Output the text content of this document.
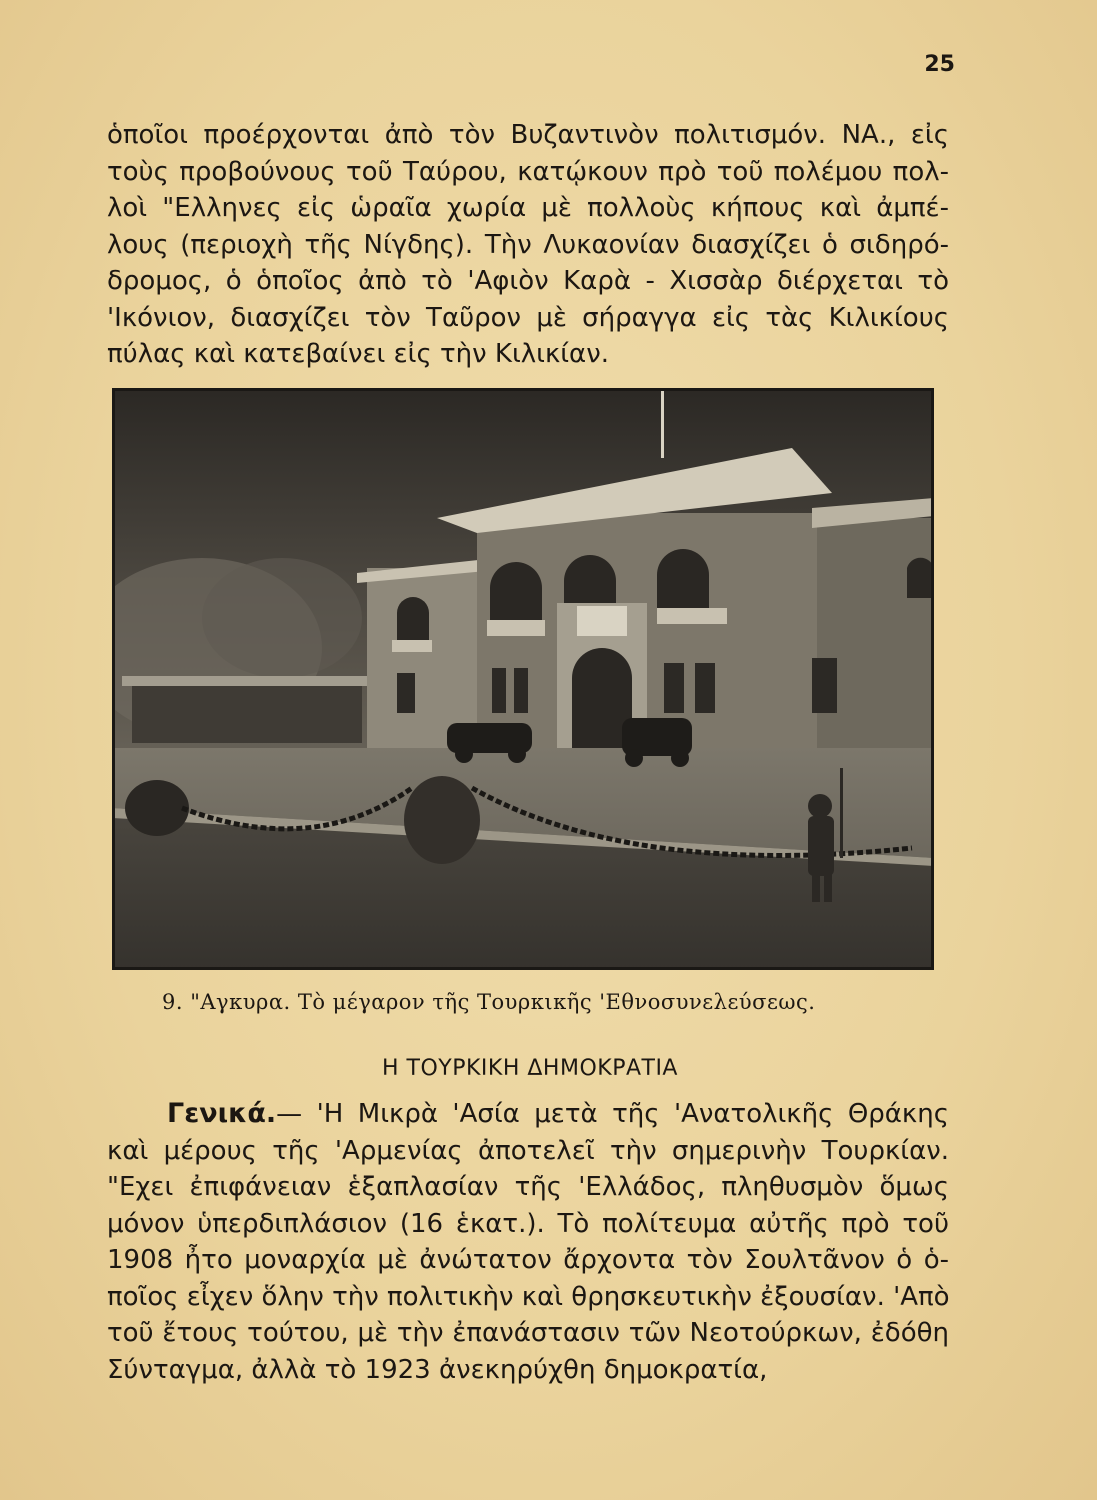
25
ὁποῖοι προέρχονται ἀπὸ τὸν Βυζαντινὸν πολιτισμόν. ΝΑ., εἰς
τοὺς προβούνους τοῦ Ταύρου, κατῴκουν πρὸ τοῦ πολέμου πολ-
λοὶ "Ελληνες εἰς ὡραῖα χωρία μὲ πολλοὺς κήπους καὶ ἀμπέ-
λους (περιοχὴ τῆς Νίγδης). Τὴν Λυκαονίαν διασχίζει ὁ σιδηρό-
δρομος, ὁ ὁποῖος ἀπὸ τὸ 'Αφιὸν Καρὰ - Χισσὰρ διέρχεται τὸ
'Ικόνιον, διασχίζει τὸν Ταῦρον μὲ σήραγγα εἰς τὰς Κιλικίους
πύλας καὶ κατεβαίνει εἰς τὴν Κιλικίαν.
9. "Αγκυρα. Τὸ μέγαρον τῆς Τουρκικῆς 'Εθνοσυνελεύσεως.
Η ΤΟΥΡΚΙΚΗ ΔΗΜΟΚΡΑΤΙΑ
Γενικά.— 'Η Μικρὰ 'Ασία μετὰ τῆς 'Ανατολικῆς Θράκης
καὶ μέρους τῆς 'Αρμενίας ἀποτελεῖ τὴν σημερινὴν Τουρκίαν.
"Εχει ἐπιφάνειαν ἑξαπλασίαν τῆς 'Ελλάδος, πληθυσμὸν ὅμως
μόνον ὑπερδιπλάσιον (16 ἑκατ.). Τὸ πολίτευμα αὐτῆς πρὸ τοῦ
1908 ἦτο μοναρχία μὲ ἀνώτατον ἄρχοντα τὸν Σουλτᾶνον ὁ ὁ-
ποῖος εἶχεν ὅλην τὴν πολιτικὴν καὶ θρησκευτικὴν ἐξουσίαν. 'Απὸ
τοῦ ἔτους τούτου, μὲ τὴν ἐπανάστασιν τῶν Νεοτούρκων, ἐδόθη
Σύνταγμα, ἀλλὰ τὸ 1923 ἀνεκηρύχθη δημοκρατία,
